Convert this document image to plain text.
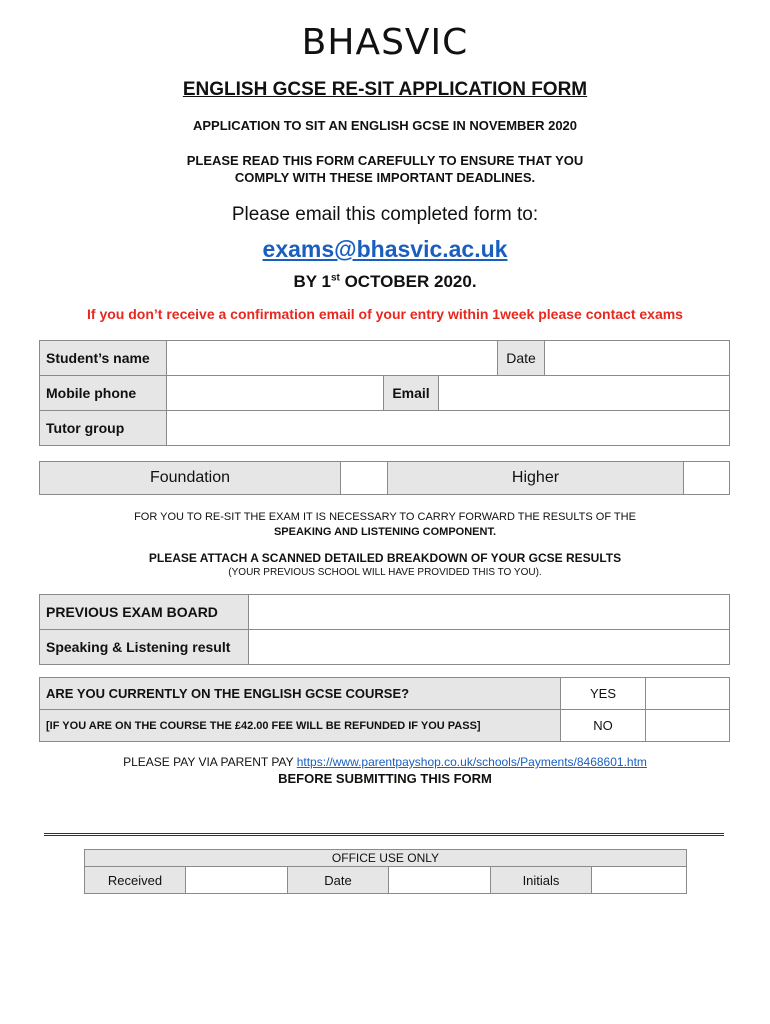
BHASVIC
ENGLISH GCSE RE-SIT APPLICATION FORM
APPLICATION TO SIT AN ENGLISH GCSE IN NOVEMBER 2020
PLEASE READ THIS FORM CAREFULLY TO ENSURE THAT YOU COMPLY WITH THESE IMPORTANT DEADLINES.
Please email this completed form to:
exams@bhasvic.ac.uk
BY 1st OCTOBER 2020.
If you don’t receive a confirmation email of your entry within 1week please contact exams
Student’s name		Date	
Mobile phone		Email	
Tutor group	
Foundation		Higher	
FOR YOU TO RE-SIT THE EXAM IT IS NECESSARY TO CARRY FORWARD THE RESULTS OF THE
SPEAKING AND LISTENING COMPONENT.
PLEASE ATTACH A SCANNED DETAILED BREAKDOWN OF YOUR GCSE RESULTS
(YOUR PREVIOUS SCHOOL WILL HAVE PROVIDED THIS TO YOU).
PREVIOUS EXAM BOARD	
Speaking & Listening result	
ARE YOU CURRENTLY ON THE ENGLISH GCSE COURSE?	YES	
[IF YOU ARE ON THE COURSE THE £42.00 FEE WILL BE REFUNDED IF YOU PASS]	NO	
PLEASE PAY VIA PARENT PAY https://www.parentpayshop.co.uk/schools/Payments/8468601.htm
BEFORE SUBMITTING THIS FORM
OFFICE USE ONLY
Received		Date		Initials	
